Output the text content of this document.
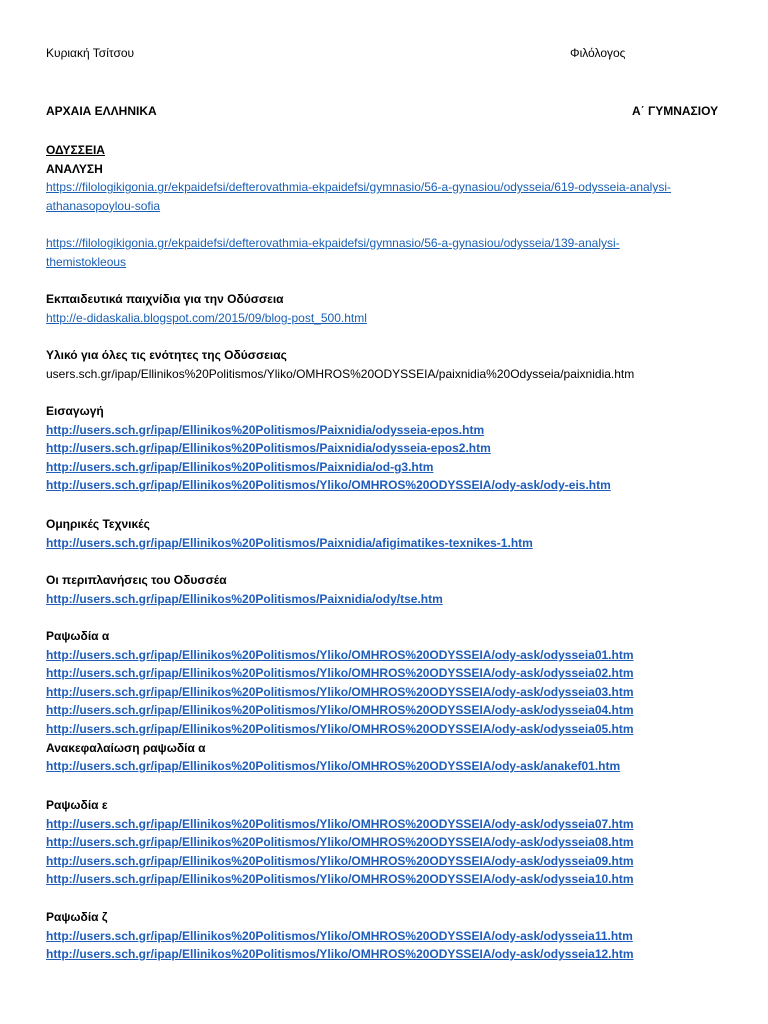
Κυριακή Τσίτσου	Φιλόλογος
ΑΡΧΑΙΑ ΕΛΛΗΝΙΚΑ	Α΄ ΓΥΜΝΑΣΙΟΥ
ΟΔΥΣΣΕΙΑ
ΑΝΑΛΥΣΗ
https://filologikigonia.gr/ekpaidefsi/defterovathmia-ekpaidefsi/gymnasio/56-a-gynasiou/odysseia/619-odysseia-analysi-
athanasopoylou-sofia
https://filologikigonia.gr/ekpaidefsi/defterovathmia-ekpaidefsi/gymnasio/56-a-gynasiou/odysseia/139-analysi-
themistokleous
Εκπαιδευτικά παιχνίδια για την Οδύσσεια
http://e-didaskalia.blogspot.com/2015/09/blog-post_500.html
Υλικό για όλες τις ενότητες της Οδύσσειας
users.sch.gr/ipap/Ellinikos%20Politismos/Yliko/OMHROS%20ODYSSEIA/paixnidia%20Odysseia/paixnidia.htm
Εισαγωγή
http://users.sch.gr/ipap/Ellinikos%20Politismos/Paixnidia/odysseia-epos.htm
http://users.sch.gr/ipap/Ellinikos%20Politismos/Paixnidia/odysseia-epos2.htm
http://users.sch.gr/ipap/Ellinikos%20Politismos/Paixnidia/od-g3.htm
http://users.sch.gr/ipap/Ellinikos%20Politismos/Yliko/OMHROS%20ODYSSEIA/ody-ask/ody-eis.htm
Ομηρικές Τεχνικές
http://users.sch.gr/ipap/Ellinikos%20Politismos/Paixnidia/afigimatikes-texnikes-1.htm
Οι περιπλανήσεις του Οδυσσέα
http://users.sch.gr/ipap/Ellinikos%20Politismos/Paixnidia/ody/tse.htm
Ραψωδία α
http://users.sch.gr/ipap/Ellinikos%20Politismos/Yliko/OMHROS%20ODYSSEIA/ody-ask/odysseia01.htm
http://users.sch.gr/ipap/Ellinikos%20Politismos/Yliko/OMHROS%20ODYSSEIA/ody-ask/odysseia02.htm
http://users.sch.gr/ipap/Ellinikos%20Politismos/Yliko/OMHROS%20ODYSSEIA/ody-ask/odysseia03.htm
http://users.sch.gr/ipap/Ellinikos%20Politismos/Yliko/OMHROS%20ODYSSEIA/ody-ask/odysseia04.htm
http://users.sch.gr/ipap/Ellinikos%20Politismos/Yliko/OMHROS%20ODYSSEIA/ody-ask/odysseia05.htm
Ανακεφαλαίωση ραψωδία α
http://users.sch.gr/ipap/Ellinikos%20Politismos/Yliko/OMHROS%20ODYSSEIA/ody-ask/anakef01.htm
Ραψωδία ε
http://users.sch.gr/ipap/Ellinikos%20Politismos/Yliko/OMHROS%20ODYSSEIA/ody-ask/odysseia07.htm
http://users.sch.gr/ipap/Ellinikos%20Politismos/Yliko/OMHROS%20ODYSSEIA/ody-ask/odysseia08.htm
http://users.sch.gr/ipap/Ellinikos%20Politismos/Yliko/OMHROS%20ODYSSEIA/ody-ask/odysseia09.htm
http://users.sch.gr/ipap/Ellinikos%20Politismos/Yliko/OMHROS%20ODYSSEIA/ody-ask/odysseia10.htm
Ραψωδία ζ
http://users.sch.gr/ipap/Ellinikos%20Politismos/Yliko/OMHROS%20ODYSSEIA/ody-ask/odysseia11.htm
http://users.sch.gr/ipap/Ellinikos%20Politismos/Yliko/OMHROS%20ODYSSEIA/ody-ask/odysseia12.htm
